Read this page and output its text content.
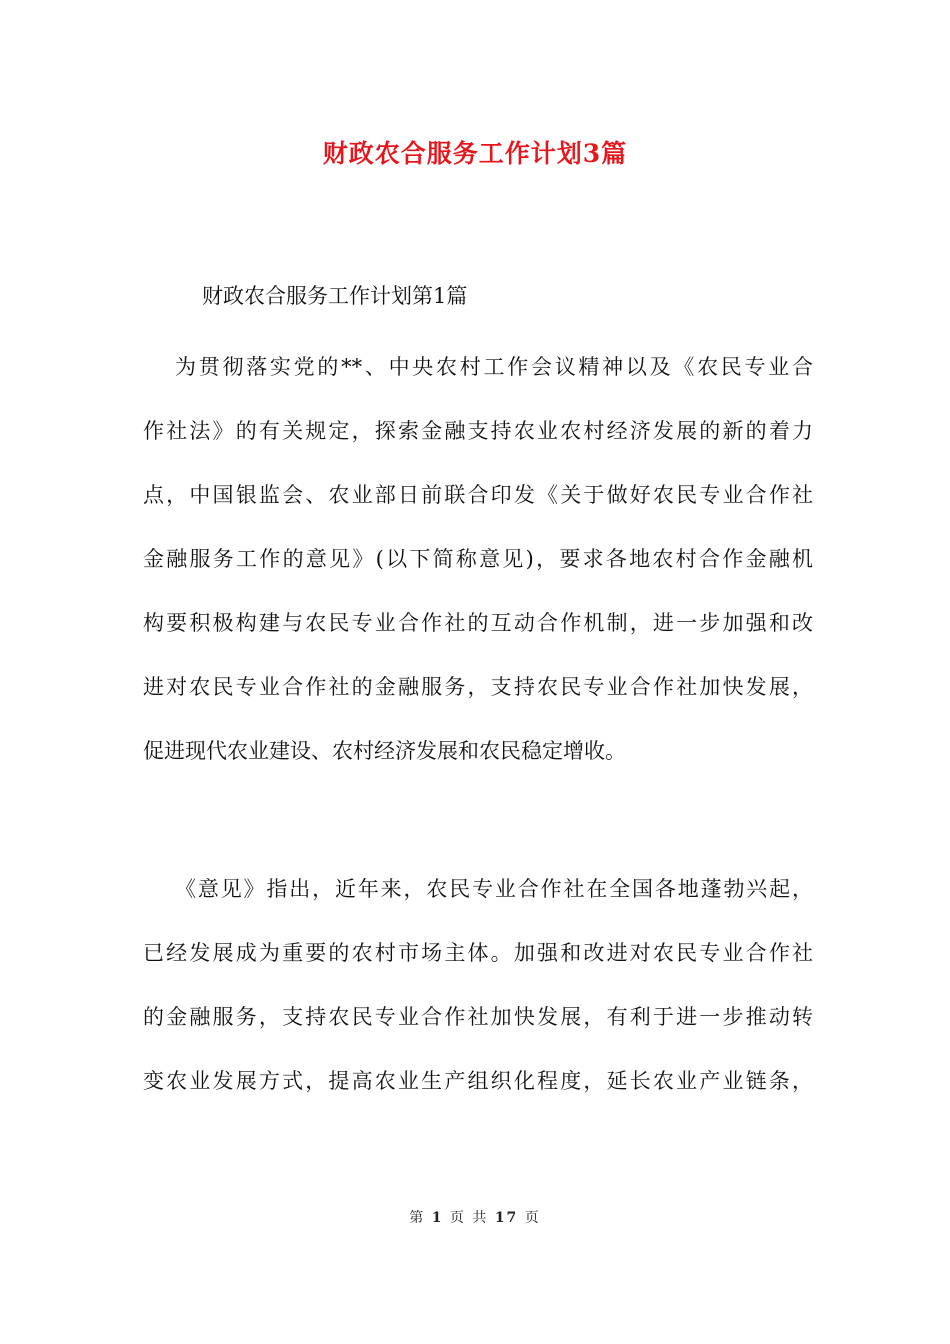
财政农合服务工作计划3篇

财政农合服务工作计划第1篇

为贯彻落实党的**、中央农村工作会议精神以及《农民专业合
作社法》的有关规定，探索金融支持农业农村经济发展的新的着力
点，中国银监会、农业部日前联合印发《关于做好农民专业合作社
金融服务工作的意见》(以下简称意见)，要求各地农村合作金融机
构要积极构建与农民专业合作社的互动合作机制，进一步加强和改
进对农民专业合作社的金融服务，支持农民专业合作社加快发展，
促进现代农业建设、农村经济发展和农民稳定增收。
《意见》指出，近年来，农民专业合作社在全国各地蓬勃兴起，
已经发展成为重要的农村市场主体。加强和改进对农民专业合作社
的金融服务，支持农民专业合作社加快发展，有利于进一步推动转
变农业发展方式，提高农业生产组织化程度，延长农业产业链条，
第 1 页 共 17 页
